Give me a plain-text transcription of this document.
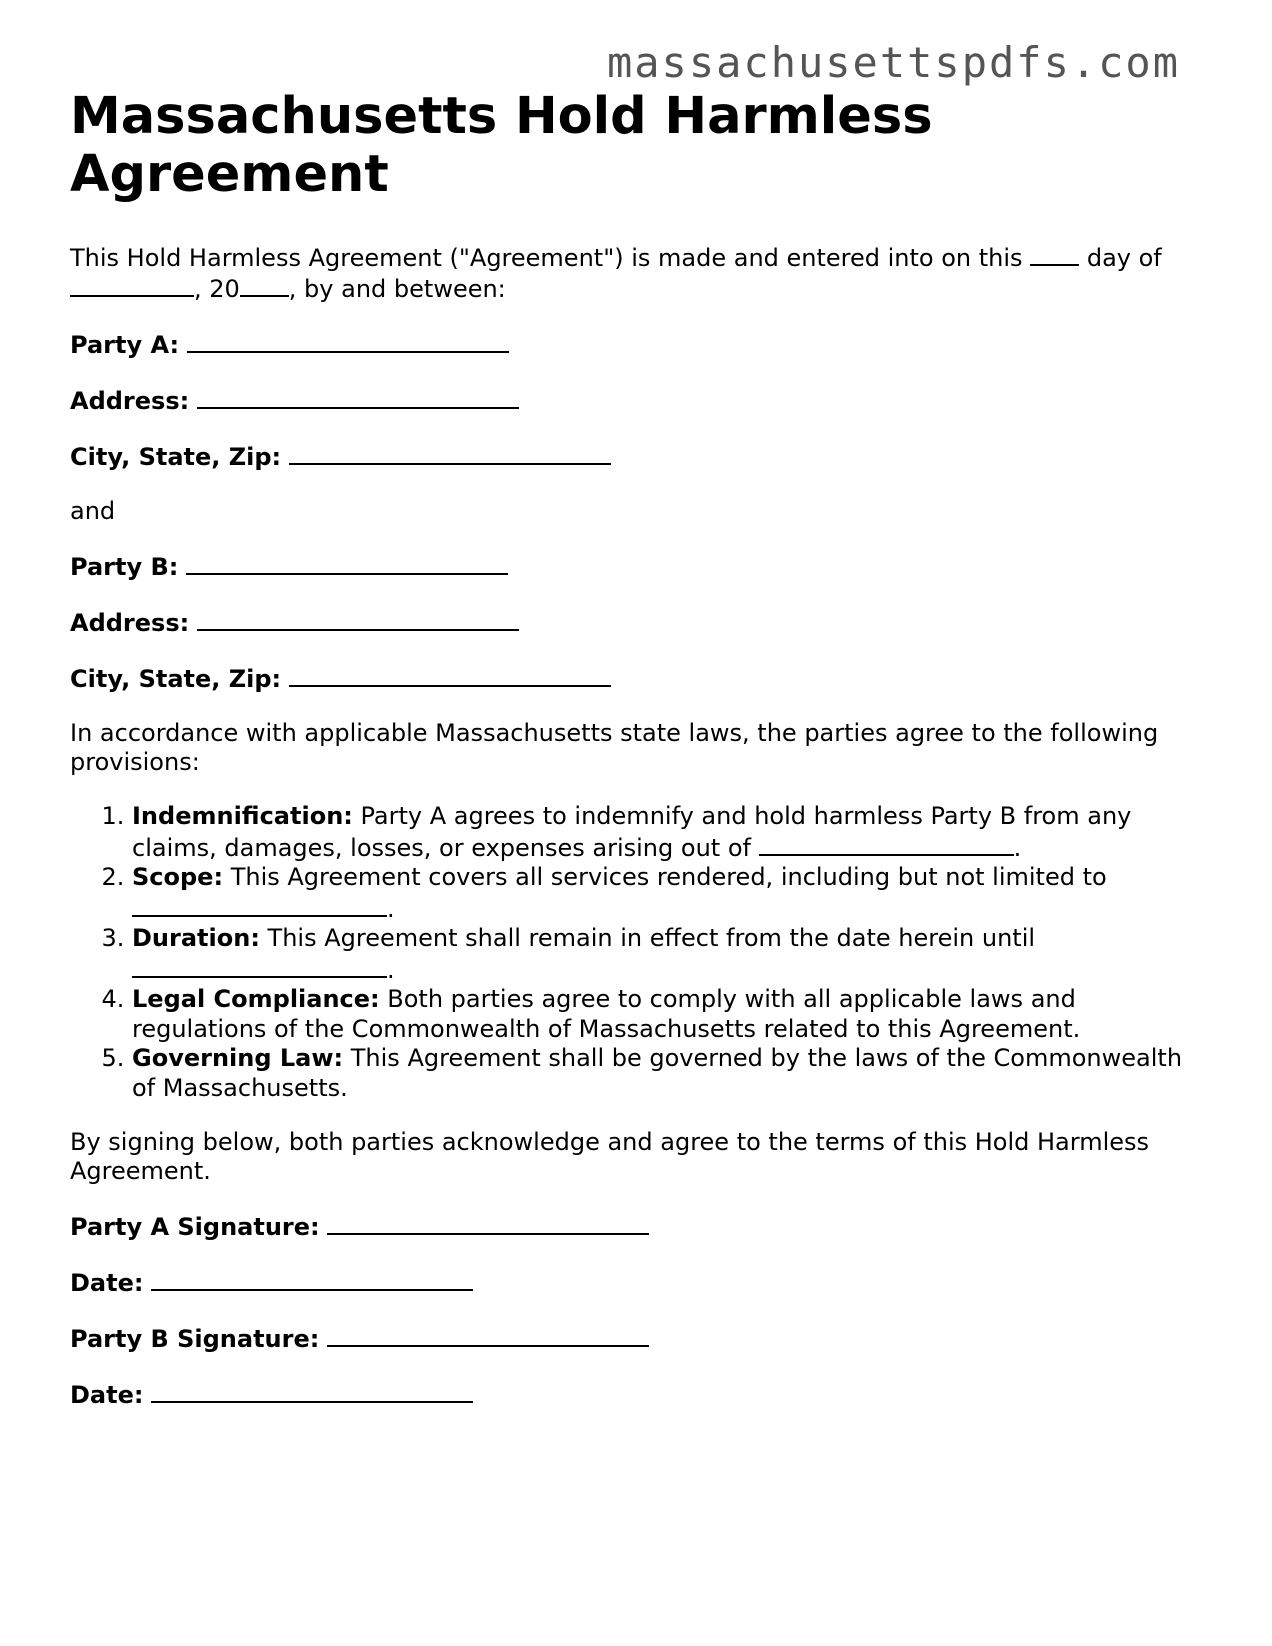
massachusettspdfs.com
Massachusetts Hold Harmless Agreement

This Hold Harmless Agreement ("Agreement") is made and entered into on this	day of , 20 , by and between:

Party A:
Address:
City, State, Zip:

and

Party B:
Address:
City, State, Zip:

In accordance with applicable Massachusetts state laws, the parties agree to the following provisions:

1. Indemnification: Party A agrees to indemnify and hold harmless Party B from any claims, damages, losses, or expenses arising out of	.
2. Scope: This Agreement covers all services rendered, including but not limited to .
3. Duration: This Agreement shall remain in effect from the date herein until .
4. Legal Compliance: Both parties agree to comply with all applicable laws and regulations of the Commonwealth of Massachusetts related to this Agreement.
5. Governing Law: This Agreement shall be governed by the laws of the Commonwealth of Massachusetts.

By signing below, both parties acknowledge and agree to the terms of this Hold Harmless Agreement.

Party A Signature:
Date:
Party B Signature:
Date:
